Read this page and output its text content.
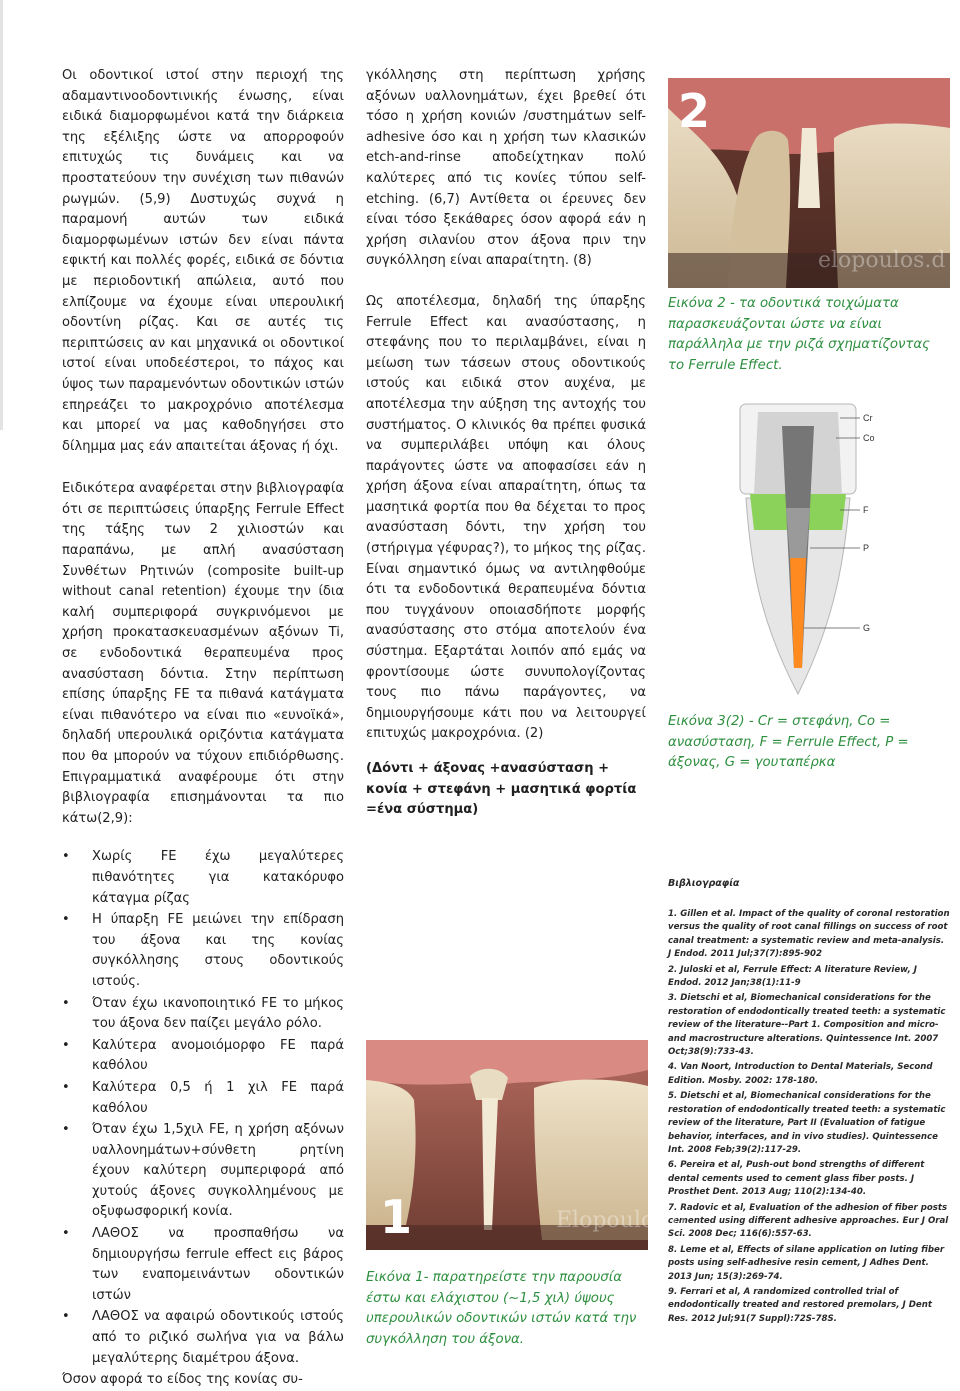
Οι οδοντικοί ιστοί στην περιοχή της αδαμαντινοοδοντινικής ένωσης, είναι ειδικά διαμορφωμένοι κατά την διάρκεια της εξέλιξης ώστε να απορροφούν επιτυχώς τις δυνάμεις και να προστατεύουν την συνέχιση των πιθανών ρωγμών. (5,9) Δυστυχώς συχνά η παραμονή αυτών των ειδικά διαμορφωμένων ιστών δεν είναι πάντα εφικτή και πολλές φορές, ειδικά σε δόντια με περιοδοντική απώλεια, αυτό που ελπίζουμε να έχουμε είναι υπερουλική οδοντίνη ρίζας. Και σε αυτές τις περιπτώσεις αν και μηχανικά οι οδοντικοί ιστοί είναι υποδεέστεροι, το πάχος και ύψος των παραμενόντων οδοντικών ιστών επηρεάζει το μακροχρόνιο αποτέλεσμα και μπορεί να μας καθοδηγήσει στο δίλημμα μας εάν απαιτείται άξονας ή όχι.

Ειδικότερα αναφέρεται στην βιβλιογραφία ότι σε περιπτώσεις ύπαρξης Ferrule Effect της τάξης των 2 χιλιοστών και παραπάνω, με απλή ανασύσταση Συνθέτων Ρητινών (composite built-up without canal retention) έχουμε την ίδια καλή συμπεριφορά συγκρινόμενοι με χρήση προκατασκευασμένων αξόνων Ti, σε ενδοδοντικά θεραπευμένα προς ανασύσταση δόντια. Στην περίπτωση επίσης ύπαρξης FE τα πιθανά κατάγματα είναι πιθανότερο να είναι πιο «ευνοϊκά», δηλαδή υπερουλικά οριζόντια κατάγματα που θα μπορούν να τύχουν επιδιόρθωσης. Επιγραμματικά αναφέρουμε ότι στην βιβλιογραφία επισημάνονται τα πιο κάτω(2,9):

• Χωρίς FE έχω μεγαλύτερες πιθανότητες για κατακόρυφο κάταγμα ρίζας
• Η ύπαρξη FE μειώνει την επίδραση του άξονα και της κονίας συγκόλλησης στους οδοντικούς ιστούς.
• Όταν έχω ικανοποιητικό FE το μήκος του άξονα δεν παίζει μεγάλο ρόλο.
• Καλύτερα ανομοιόμορφο FE παρά καθόλου
• Καλύτερα 0,5 ή 1 χιλ FE παρά καθόλου
• Όταν έχω 1,5χιλ FE, η χρήση αξόνων υαλλονημάτων+σύνθετη ρητίνη έχουν καλύτερη συμπεριφορά από χυτούς άξονες συγκολλημένους με οξυφωσφορική κονία.
• ΛΑΘΟΣ να προσπαθήσω να δημιουργήσω ferrule effect εις βάρος των εναπομεινάντων οδοντικών ιστών
• ΛΑΘΟΣ να αφαιρώ οδοντικούς ιστούς από το ριζικό σωλήνα για να βάλω μεγαλύτερης διαμέτρου άξονα.

Όσον αφορά το είδος της κονίας συ-

γκόλλησης στη περίπτωση χρήσης αξόνων υαλλονημάτων, έχει βρεθεί ότι τόσο η χρήση κονιών /συστημάτων self-adhesive όσο και η χρήση των κλασικών etch-and-rinse αποδείχτηκαν πολύ καλύτερες από τις κονίες τύπου self-etching. (6,7) Αντίθετα οι έρευνες δεν είναι τόσο ξεκάθαρες όσον αφορά εάν η χρήση σιλανίου στον άξονα πριν την συγκόλληση είναι απαραίτητη. (8)

Ως αποτέλεσμα, δηλαδή της ύπαρξης Ferrule Effect και ανασύστασης, η στεφάνης που το περιλαμβάνει, είναι η μείωση των τάσεων στους οδοντικούς ιστούς και ειδικά στον αυχένα, με αποτέλεσμα την αύξηση της αντοχής του συστήματος. Ο κλινικός θα πρέπει φυσικά να συμπεριλάβει υπόψη και όλους παράγοντες ώστε να αποφασίσει εάν η χρήση άξονα είναι απαραίτητη, όπως τα μασητικά φορτία που θα δέχεται το προς ανασύσταση δόντι, την χρήση του (στήριγμα γέφυρας?), το μήκος της ρίζας. Είναι σημαντικό όμως να αντιληφθούμε ότι τα ενδοδοντικά θεραπευμένα δόντια που τυγχάνουν οποιασδήποτε μορφής ανασύστασης στο στόμα αποτελούν ένα σύστημα. Εξαρτάται λοιπόν από εμάς να φροντίσουμε ώστε συνυπολογίζοντας τους πιο πάνω παράγοντες, να δημιουργήσουμε κάτι που να λειτουργεί επιτυχώς μακροχρόνια. (2)

(Δόντι + άξονας +ανασύσταση + κονία + στεφάνη + μασητικά φορτία =ένα σύστημα)

2
elopoulos.d

Εικόνα 2 - τα οδοντικά τοιχώματα παρασκευάζονται ώστε να είναι παράλληλα με την ριζά σχηματίζοντας το Ferrule Effect.

Cr
Co
F
P
G

Εικόνα 3(2) - Cr = στεφάνη, Co = ανασύσταση, F = Ferrule Effect, P = άξονας, G = γουταπέρκα

Βιβλιογραφία

1. Gillen et al. Impact of the quality of coronal restoration versus the quality of root canal fillings on success of root canal treatment: a systematic review and meta-analysis. J Endod. 2011 Jul;37(7):895-902
2. Juloski et al, Ferrule Effect: A literature Review, J Endod. 2012 Jan;38(1):11-9
3. Dietschi et al, Biomechanical considerations for the restoration of endodontically treated teeth: a systematic review of the literature--Part 1. Composition and micro- and macrostructure alterations. Quintessence Int. 2007 Oct;38(9):733-43.
4. Van Noort, Introduction to Dental Materials, Second Edition. Mosby. 2002: 178-180.
5. Dietschi et al, Biomechanical considerations for the restoration of endodontically treated teeth: a systematic review of the literature, Part II (Evaluation of fatigue behavior, interfaces, and in vivo studies). Quintessence Int. 2008 Feb;39(2):117-29.
6. Pereira et al, Push-out bond strengths of different dental cements used to cement glass fiber posts. J Prosthet Dent. 2013 Aug; 110(2):134-40.
7. Radovic et al, Evaluation of the adhesion of fiber posts cemented using different adhesive approaches. Eur J Oral Sci. 2008 Dec; 116(6):557-63.
8. Leme et al, Effects of silane application on luting fiber posts using self-adhesive resin cement, J Adhes Dent. 2013 Jun; 15(3):269-74.
9. Ferrari et al, A randomized controlled trial of endodontically treated and restored premolars, J Dent Res. 2012 Jul;91(7 Suppl):72S-78S.
1	Elopoulos.d

Εικόνα 1- παρατηρείστε την παρουσία έστω και ελάχιστου (~1,5 χιλ) ύψους υπερουλικών οδοντικών ιστών κατά την συγκόλληση του άξονα.
